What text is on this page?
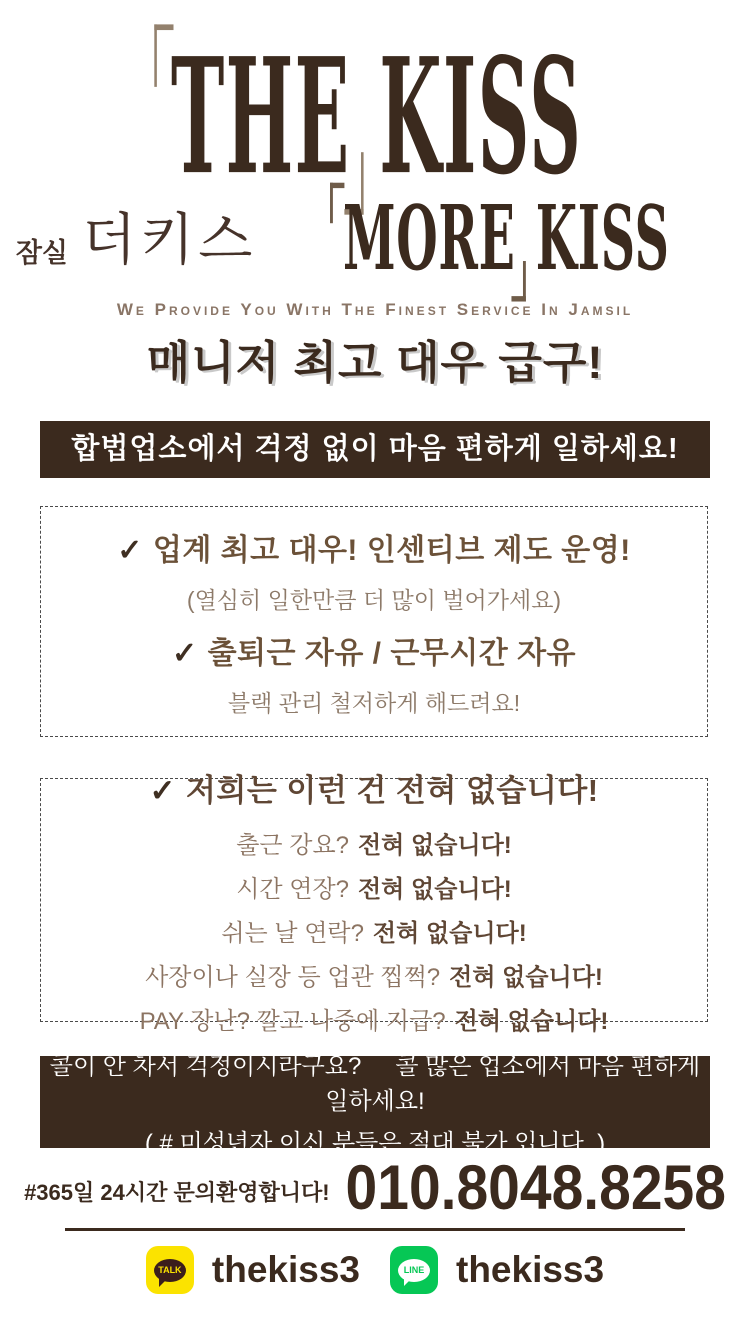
THE KISS
잠실 더키스 MORE KISS
We Provide You With The Finest Service In Jamsil
매니저 최고 대우 급구!
합법업소에서 걱정 없이 마음 편하게 일하세요!
✓ 업계 최고 대우! 인센티브 제도 운영!
(열심히 일한만큼 더 많이 벌어가세요)
✓ 출퇴근 자유 / 근무시간 자유
블랙 관리 철저하게 해드려요!
✓ 저희는 이런 건 전혀 없습니다!
출근 강요? 전혀 없습니다!
시간 연장? 전혀 없습니다!
쉬는 날 연락? 전혀 없습니다!
사장이나 실장 등 업관 찝쩍? 전혀 없습니다!
PAY 장난? 깔고 나중에 지급? 전혀 없습니다!
콜이 안 차서 걱정이시라구요? 콜 많은 업소에서 마음 편하게 일하세요!
( # 미성년자 이신 분들은 절대 불가 입니다. )
#365일 24시간 문의환영합니다! 010.8048.8258
TALK thekiss3	LINE thekiss3
